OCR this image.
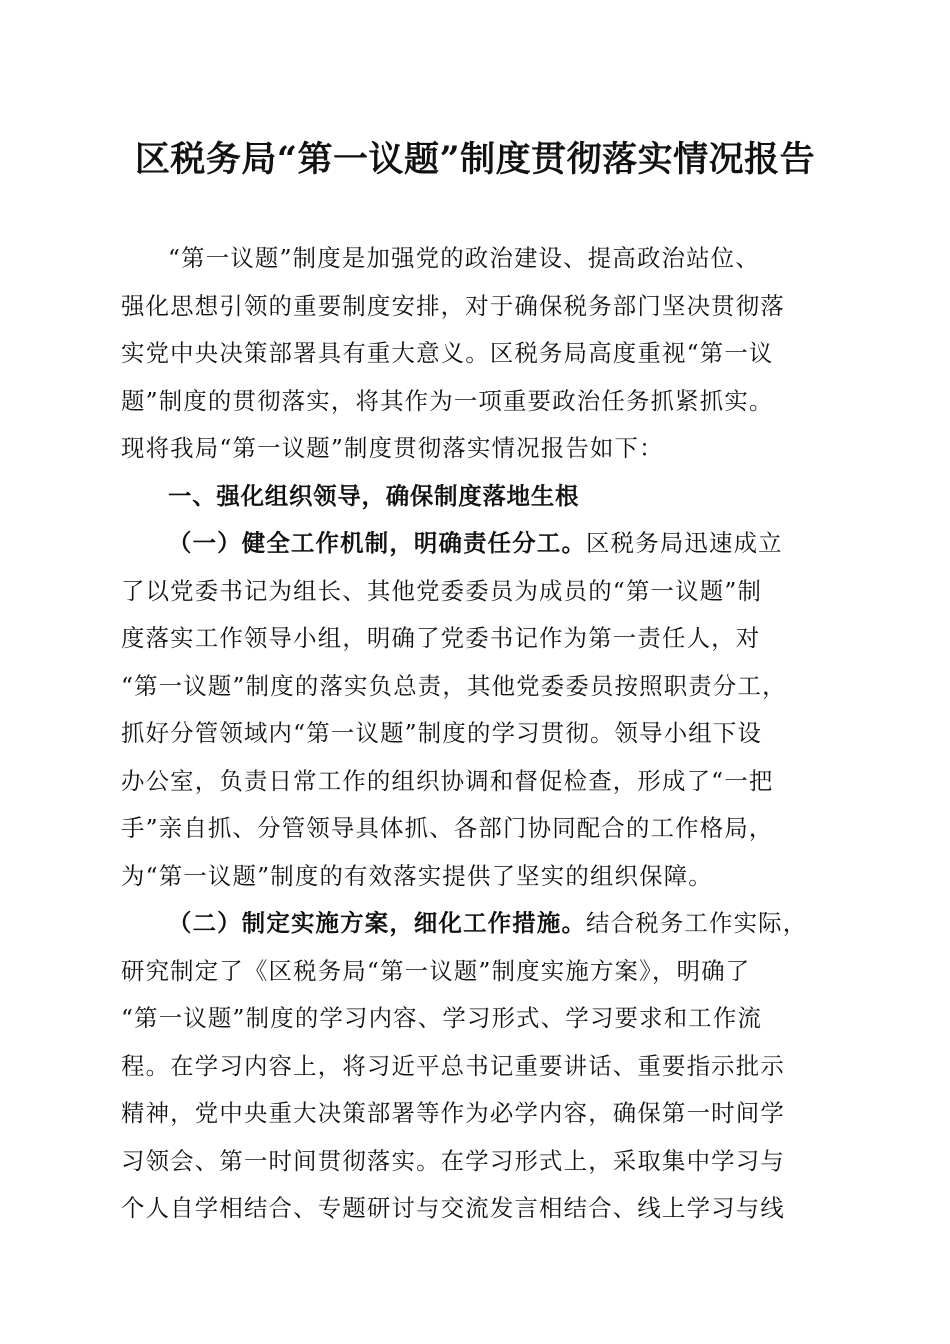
区税务局“第一议题”制度贯彻落实情况报告
“第一议题”制度是加强党的政治建设、提高政治站位、
强化思想引领的重要制度安排，对于确保税务部门坚决贯彻落
实党中央决策部署具有重大意义。区税务局高度重视“第一议
题”制度的贯彻落实，将其作为一项重要政治任务抓紧抓实。
现将我局“第一议题”制度贯彻落实情况报告如下：
一、强化组织领导，确保制度落地生根
（一）健全工作机制，明确责任分工。区税务局迅速成立
了以党委书记为组长、其他党委委员为成员的“第一议题”制
度落实工作领导小组，明确了党委书记作为第一责任人，对
“第一议题”制度的落实负总责，其他党委委员按照职责分工，
抓好分管领域内“第一议题”制度的学习贯彻。领导小组下设
办公室，负责日常工作的组织协调和督促检查，形成了“一把
手”亲自抓、分管领导具体抓、各部门协同配合的工作格局，
为“第一议题”制度的有效落实提供了坚实的组织保障。
（二）制定实施方案，细化工作措施。结合税务工作实际，
研究制定了《区税务局“第一议题”制度实施方案》，明确了
“第一议题”制度的学习内容、学习形式、学习要求和工作流
程。在学习内容上，将习近平总书记重要讲话、重要指示批示
精神，党中央重大决策部署等作为必学内容，确保第一时间学
习领会、第一时间贯彻落实。在学习形式上，采取集中学习与
个人自学相结合、专题研讨与交流发言相结合、线上学习与线
